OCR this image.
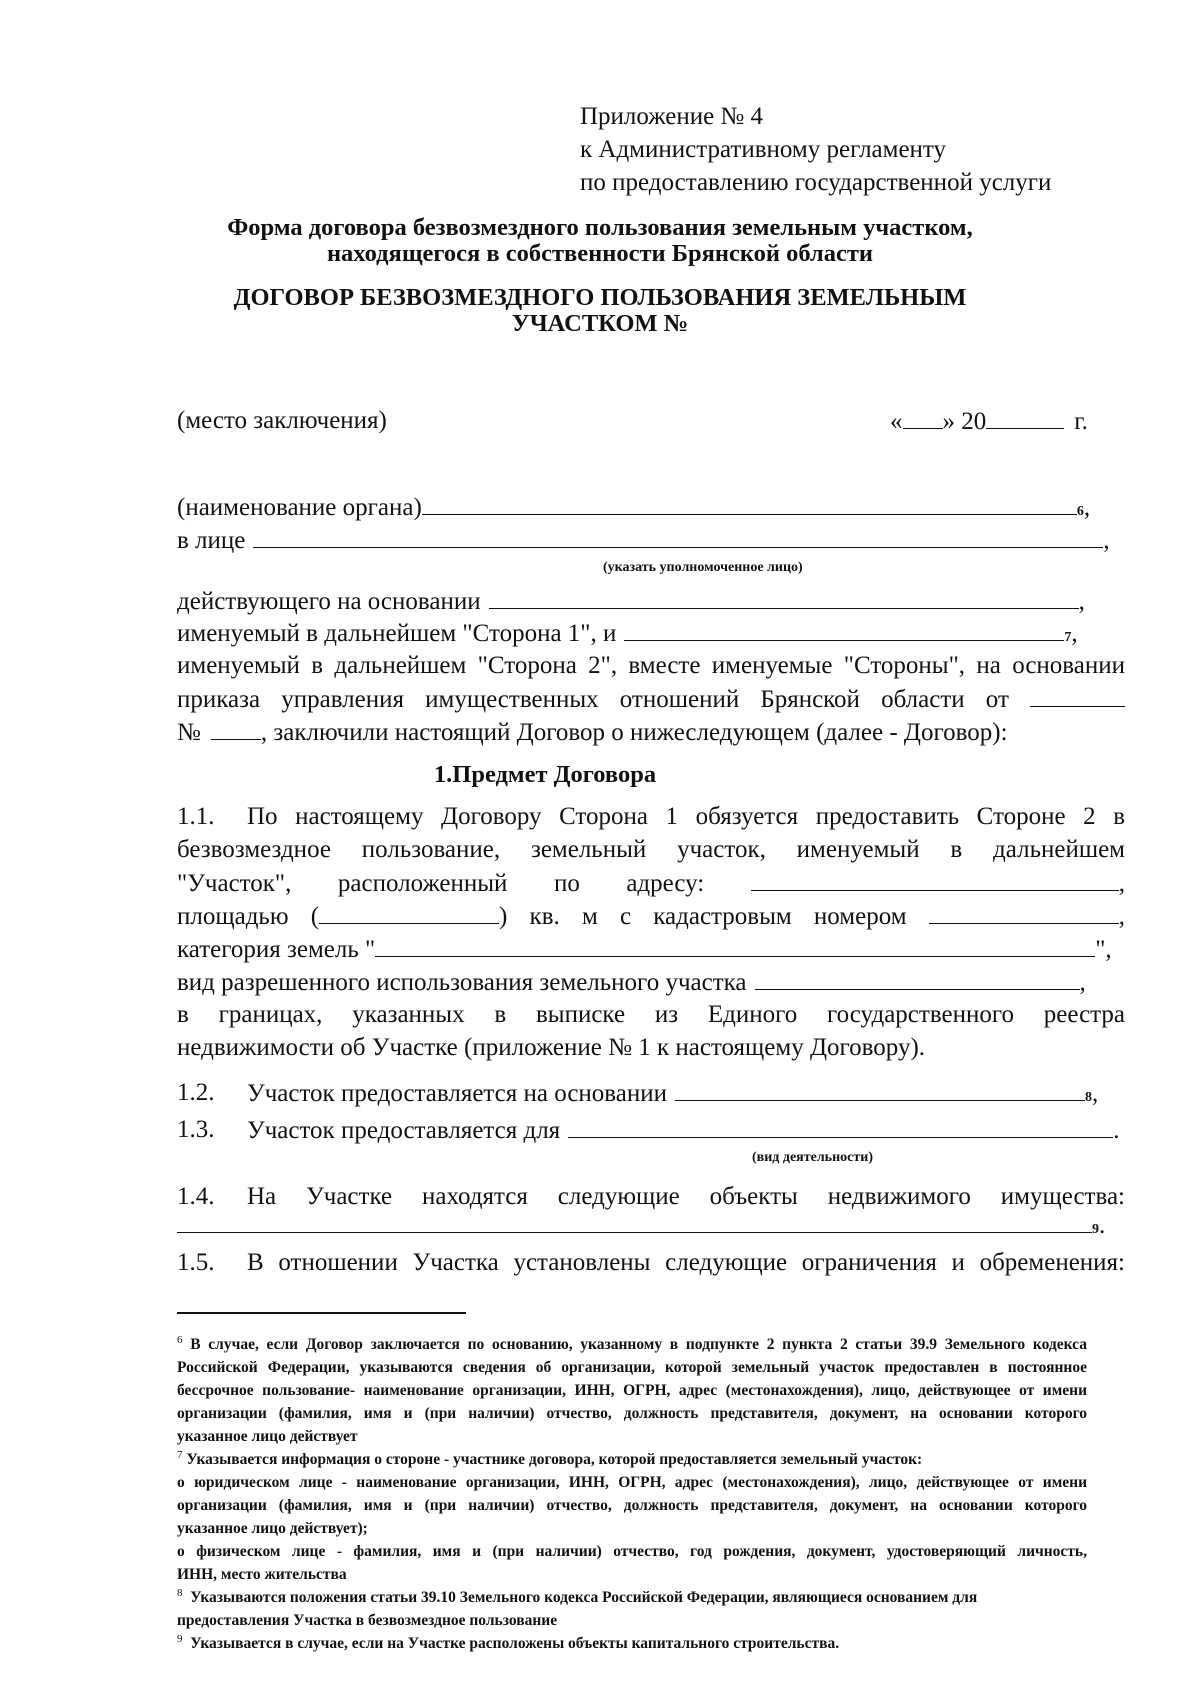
Приложение № 4
к Административному регламенту
по предоставлению государственной услуги
Форма договора безвозмездного пользования земельным участком,
находящегося в собственности Брянской области
ДОГОВОР БЕЗВОЗМЕЗДНОГО ПОЛЬЗОВАНИЯ ЗЕМЕЛЬНЫМ
УЧАСТКОМ №
(место заключения)	« » 20	г.
(наименование органа)	6 ,
в лице	,
(указать уполномоченное лицо)
действующего на основании	,
именуемый в дальнейшем "Сторона 1", и	7 ,
именуемый в дальнейшем "Сторона 2", вместе именуемые "Стороны", на основании
приказа управления имущественных отношений Брянской области от
№ , заключили настоящий Договор о нижеследующем (далее - Договор):
1.Предмет Договора
1.1. По настоящему Договору Сторона 1 обязуется предоставить Стороне 2 в
безвозмездное пользование, земельный участок, именуемый в дальнейшем
"Участок", расположенный по адресу:	,
площадью (	) кв. м с кадастровым номером	,
категория земель "	",
вид разрешенного использования земельного участка	,
в границах, указанных в выписке из Единого государственного реестра
недвижимости об Участке (приложение № 1 к настоящему Договору).
1.2. Участок предоставляется на основании	8 ,
1.3. Участок предоставляется для	.
(вид деятельности)
1.4. На Участке находятся следующие объекты недвижимого имущества:
9 .
1.5. В отношении Участка установлены следующие ограничения и обременения:
$^6$ В случае, если Договор заключается по основанию, указанному в подпункте 2 пункта 2 статьи 39.9 Земельного кодекса
Российской Федерации, указываются сведения об организации, которой земельный участок предоставлен в постоянное
бессрочное пользование- наименование организации, ИНН, ОГРН, адрес (местонахождения), лицо, действующее от имени
организации (фамилия, имя и (при наличии) отчество, должность представителя, документ, на основании которого
указанное лицо действует
$^7$ Указывается информация о стороне - участнике договора, которой предоставляется земельный участок:
о юридическом лице - наименование организации, ИНН, ОГРН, адрес (местонахождения), лицо, действующее от имени
организации (фамилия, имя и (при наличии) отчество, должность представителя, документ, на основании которого
указанное лицо действует);
о физическом лице - фамилия, имя и (при наличии) отчество, год рождения, документ, удостоверяющий личность,
ИНН, место жительства
$^8$ Указываются положения статьи 39.10 Земельного кодекса Российской Федерации, являющиеся основанием для
предоставления Участка в безвозмездное пользование
$^9$ Указывается в случае, если на Участке расположены объекты капитального строительства.
